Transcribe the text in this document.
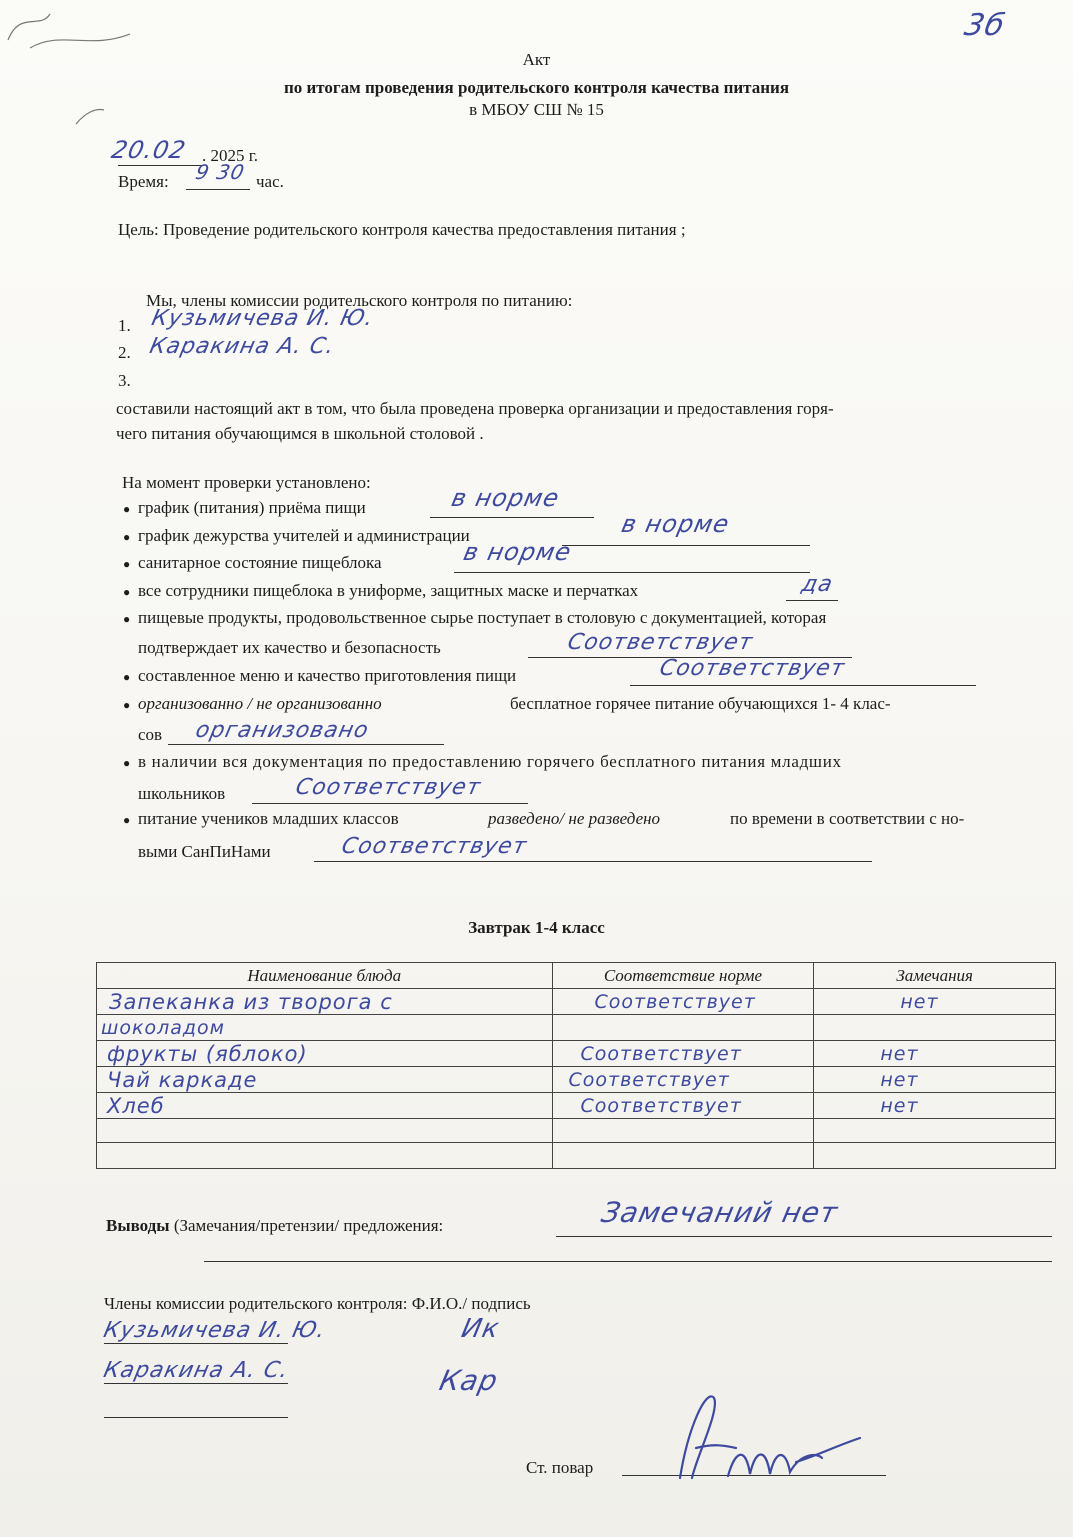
3б
Акт
по итогам проведения родительского контроля качества питания
в МБОУ СШ № 15
20.02 . 2025 г.
Время: 9 30 час.
Цель: Проведение родительского контроля качества предоставления питания ;
Мы, члены комиссии родительского контроля по питанию:
1. Кузьмичева И. Ю.
2. Каракина А. С.
3.
составили настоящий акт в том, что была проведена проверка организации и предоставления горя-
чего питания обучающимся в школьной столовой .
На момент проверки установлено:
● график (питания) приёма пищи	в норме
● график дежурства учителей и администрации	в норме
● санитарное состояние пищеблока	в норме
● все сотрудники пищеблока в униформе, защитных маске и перчатках	да
● пищевые продукты, продовольственное сырье поступает в столовую с документацией, которая
подтверждает их качество и безопасность	Соответствует
● составленное меню и качество приготовления пищи	Соответствует
● организованно / не организованно	бесплатное горячее питание обучающихся 1- 4 клас-
сов организовано
● в наличии вся документация по предоставлению горячего бесплатного питания младших
школьников	Соответствует
● питание учеников младших классов	разведено/ не разведено	по времени в соответствии с но-
выми СанПиНами	Соответствует
Завтрак 1-4 класс
Наименование блюда	Соответствие норме	Замечания
Запеканка из творога с	Соответствует	нет
шоколадом		
фрукты (яблоко)	Соответствует	нет
Чай каркаде	Соответствует	нет
Хлеб	Соответствует	нет

Выводы (Замечания/претензии/ предложения:	Замечаний нет
Члены комиссии родительского контроля: Ф.И.О./ подпись
Кузьмичева И. Ю.	Ик
Каракина А. С.	Кар
Ст. повар
